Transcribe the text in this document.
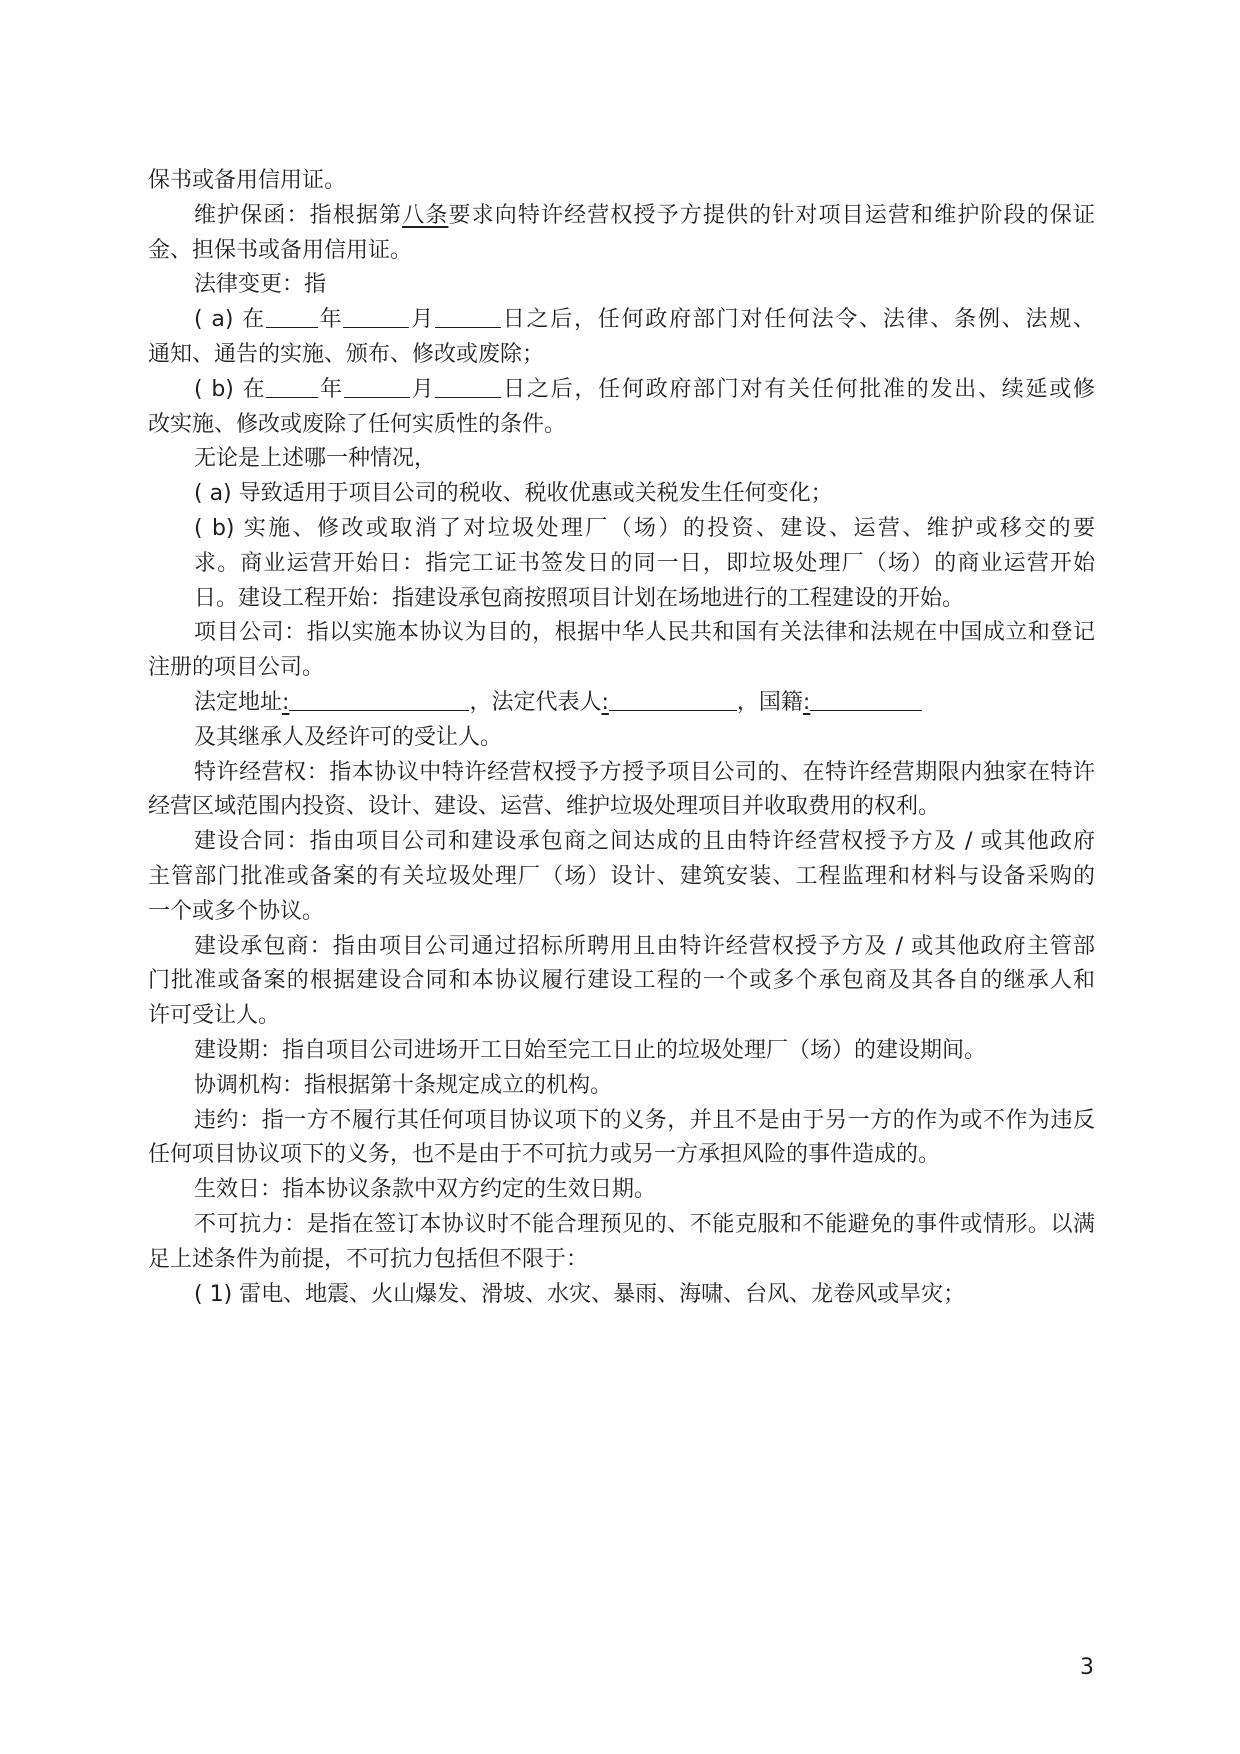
保书或备用信用证。
维护保函：指根据第八条要求向特许经营权授予方提供的针对项目运营和维护阶段的保证
金、担保书或备用信用证。
法律变更：指
( a) 在 年	月	日之后，任何政府部门对任何法令、法律、条例、法规、
通知、通告的实施、颁布、修改或废除；
( b) 在 年	月	日之后，任何政府部门对有关任何批准的发出、续延或修
改实施、修改或废除了任何实质性的条件。
无论是上述哪一种情况，
( a) 导致适用于项目公司的税收、税收优惠或关税发生任何变化；
( b) 实施、修改或取消了对垃圾处理厂（场）的投资、建设、运营、维护或移交的要
求。商业运营开始日：指完工证书签发日的同一日，即垃圾处理厂（场）的商业运营开始
日。建设工程开始：指建设承包商按照项目计划在场地进行的工程建设的开始。
项目公司：指以实施本协议为目的，根据中华人民共和国有关法律和法规在中国成立和登记
注册的项目公司。
法定地址:	，法定代表人:	，国籍:
及其继承人及经许可的受让人。
特许经营权：指本协议中特许经营权授予方授予项目公司的、在特许经营期限内独家在特许
经营区域范围内投资、设计、建设、运营、维护垃圾处理项目并收取费用的权利。
建设合同：指由项目公司和建设承包商之间达成的且由特许经营权授予方及 / 或其他政府
主管部门批准或备案的有关垃圾处理厂（场）设计、建筑安装、工程监理和材料与设备采购的
一个或多个协议。
建设承包商：指由项目公司通过招标所聘用且由特许经营权授予方及 / 或其他政府主管部
门批准或备案的根据建设合同和本协议履行建设工程的一个或多个承包商及其各自的继承人和
许可受让人。
建设期：指自项目公司进场开工日始至完工日止的垃圾处理厂（场）的建设期间。
协调机构：指根据第十条规定成立的机构。
违约：指一方不履行其任何项目协议项下的义务，并且不是由于另一方的作为或不作为违反
任何项目协议项下的义务，也不是由于不可抗力或另一方承担风险的事件造成的。
生效日：指本协议条款中双方约定的生效日期。
不可抗力：是指在签订本协议时不能合理预见的、不能克服和不能避免的事件或情形。以满
足上述条件为前提，不可抗力包括但不限于：
( 1) 雷电、地震、火山爆发、滑坡、水灾、暴雨、海啸、台风、龙卷风或旱灾；
3
